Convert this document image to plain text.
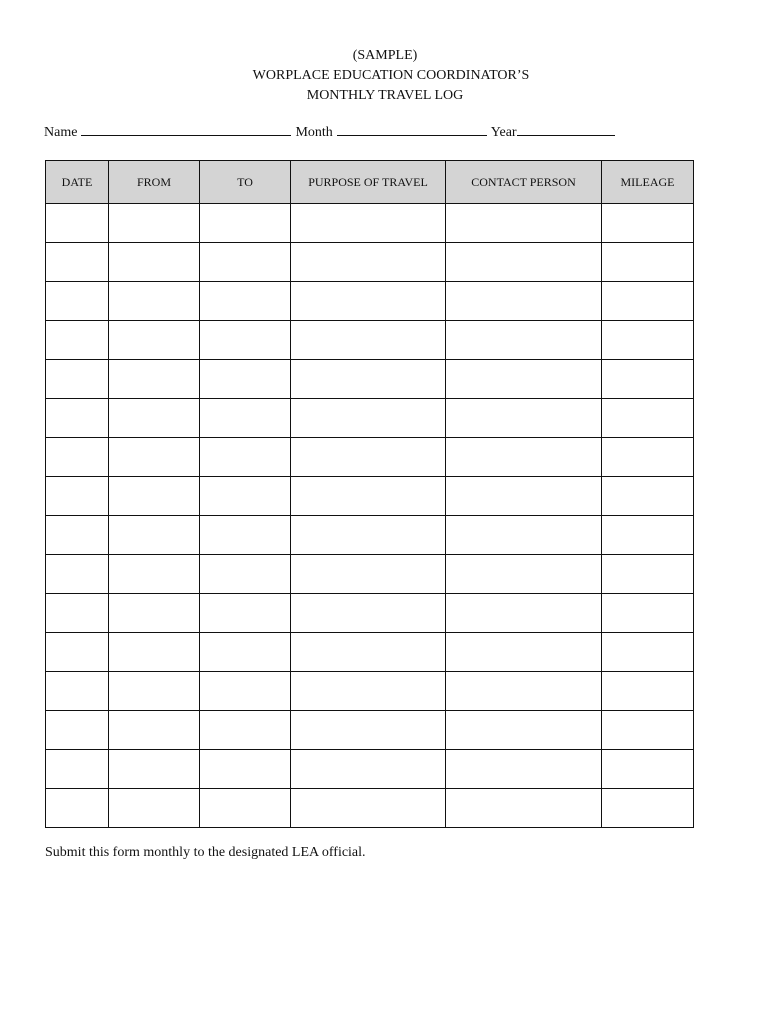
(SAMPLE)
WORPLACE EDUCATION COORDINATOR’S
MONTHLY TRAVEL LOG
Name	Month	Year
DATE	FROM	TO	PURPOSE OF TRAVEL	CONTACT PERSON	MILEAGE

Submit this form monthly to the designated LEA official.
